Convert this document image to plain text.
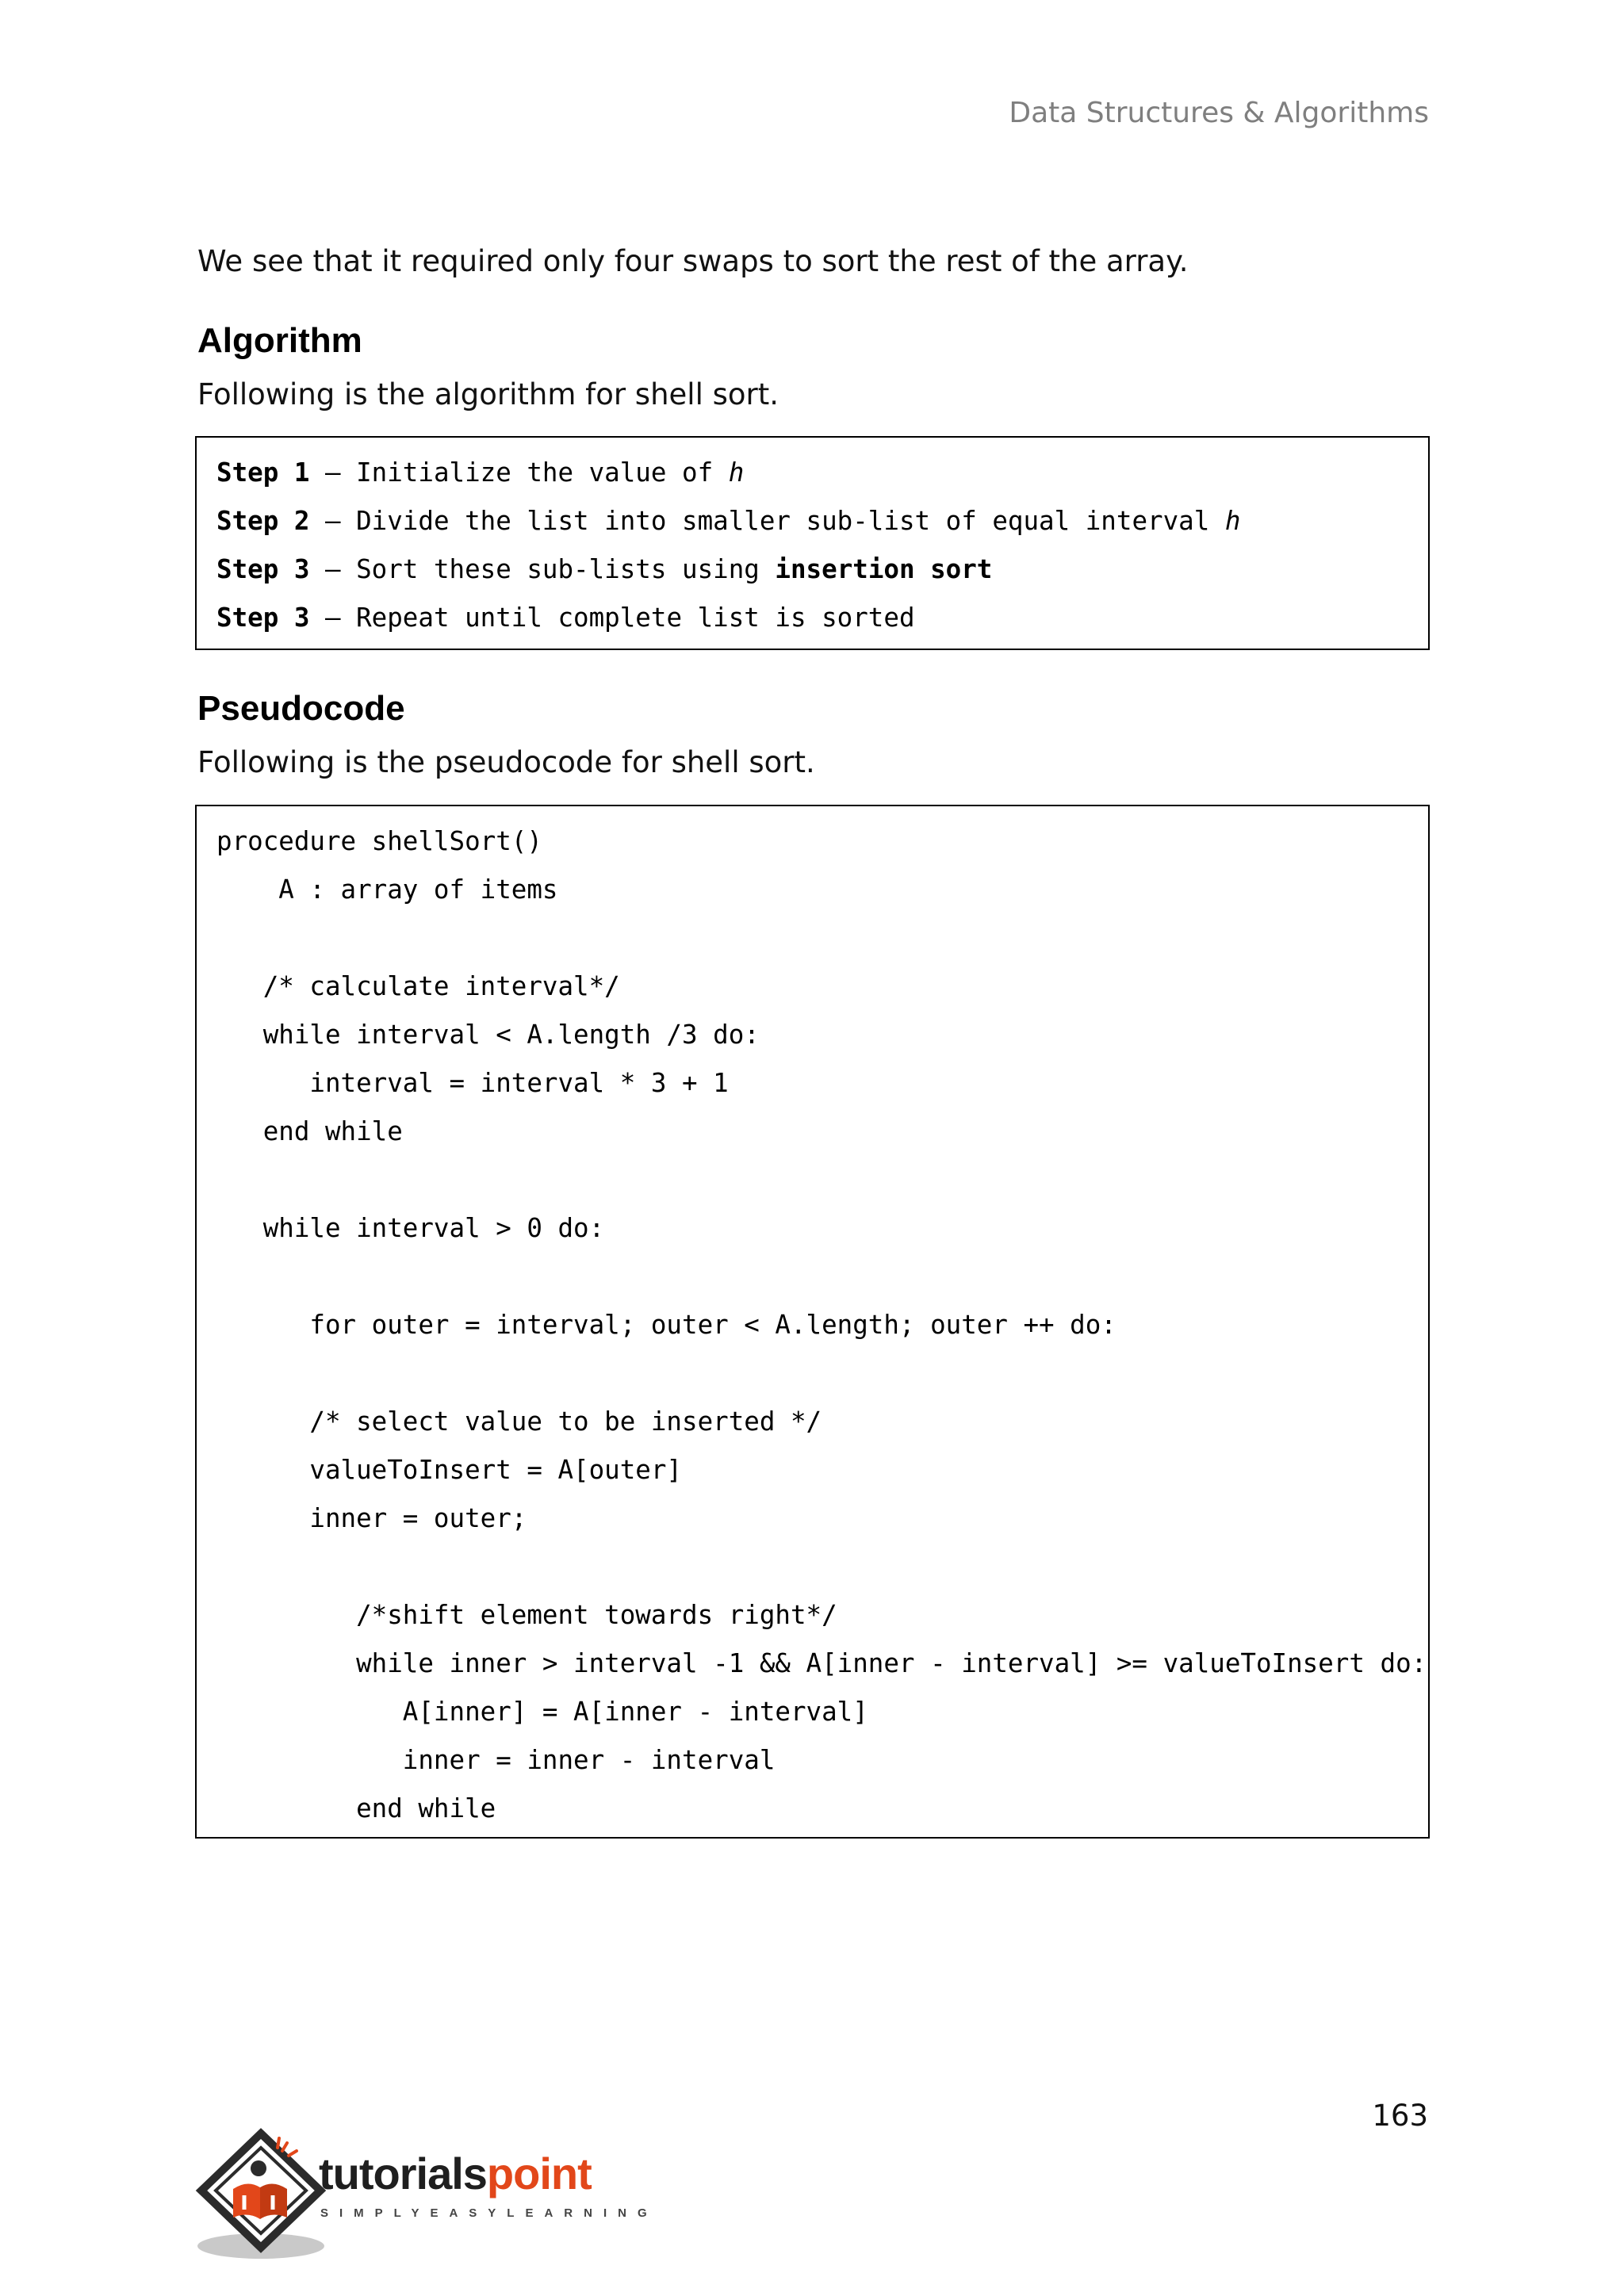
Data Structures & Algorithms
We see that it required only four swaps to sort the rest of the array.
Algorithm
Following is the algorithm for shell sort.
Step 1 – Initialize the value of h
Step 2 – Divide the list into smaller sub-list of equal interval h
Step 3 – Sort these sub-lists using insertion sort
Step 3 – Repeat until complete list is sorted
Pseudocode
Following is the pseudocode for shell sort.
procedure shellSort()
A : array of items
/* calculate interval*/
while interval < A.length /3 do:
interval = interval * 3 + 1
end while
while interval > 0 do:
for outer = interval; outer < A.length; outer ++ do:
/* select value to be inserted */
valueToInsert = A[outer]
inner = outer;
/*shift element towards right*/
while inner > interval -1 && A[inner - interval] >= valueToInsert do:
A[inner] = A[inner - interval]
inner = inner - interval
end while
163
tutorialspoint
SIMPLYEASYLEARNING
